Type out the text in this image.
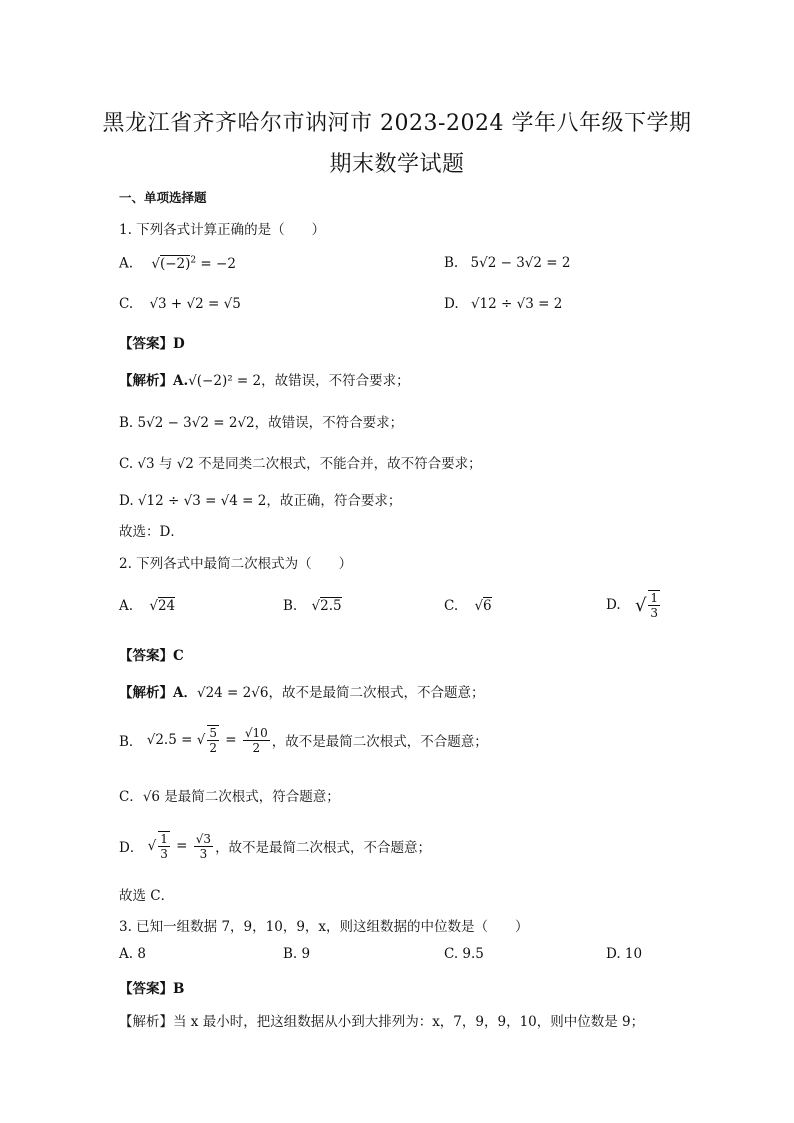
黑龙江省齐齐哈尔市讷河市 2023-2024 学年八年级下学期
期末数学试题
一、单项选择题
1. 下列各式计算正确的是（　　）
A. $√(-2)^2 = -2$	B. 5√2 − 3√2 = 2
C. √3 + √2 = √5	D. √12 ÷ √3 = 2
【答案】D
【解析】A.√(−2)² = 2，故错误，不符合要求；
B. 5√2 − 3√2 = 2√2，故错误，不符合要求；
C. √3 与 √2 不是同类二次根式，不能合并，故不符合要求；
D. √12 ÷ √3 = √4 = 2，故正确，符合要求；
故选：D．
2. 下列各式中最简二次根式为（　　）
A. √24	B. √2.5	C. √6	D. √ $\frac{1}{3}$
【答案】C
【解析】A．√24 = 2√6，故不是最简二次根式，不合题意；
B． √2.5 = √ $\frac{5}{2} = \frac{√10}{2}$ ，故不是最简二次根式，不合题意；
C．√6 是最简二次根式，符合题意；
D． √ $\frac{1}{3} = \frac{√3}{3}$ ，故不是最简二次根式，不合题意；
故选 C．
3. 已知一组数据 7，9，10，9，x，则这组数据的中位数是（　　）
A. 8	B. 9	C. 9.5	D. 10
【答案】B
【解析】当 x 最小时，把这组数据从小到大排列为：x，7，9，9，10，则中位数是 9；
